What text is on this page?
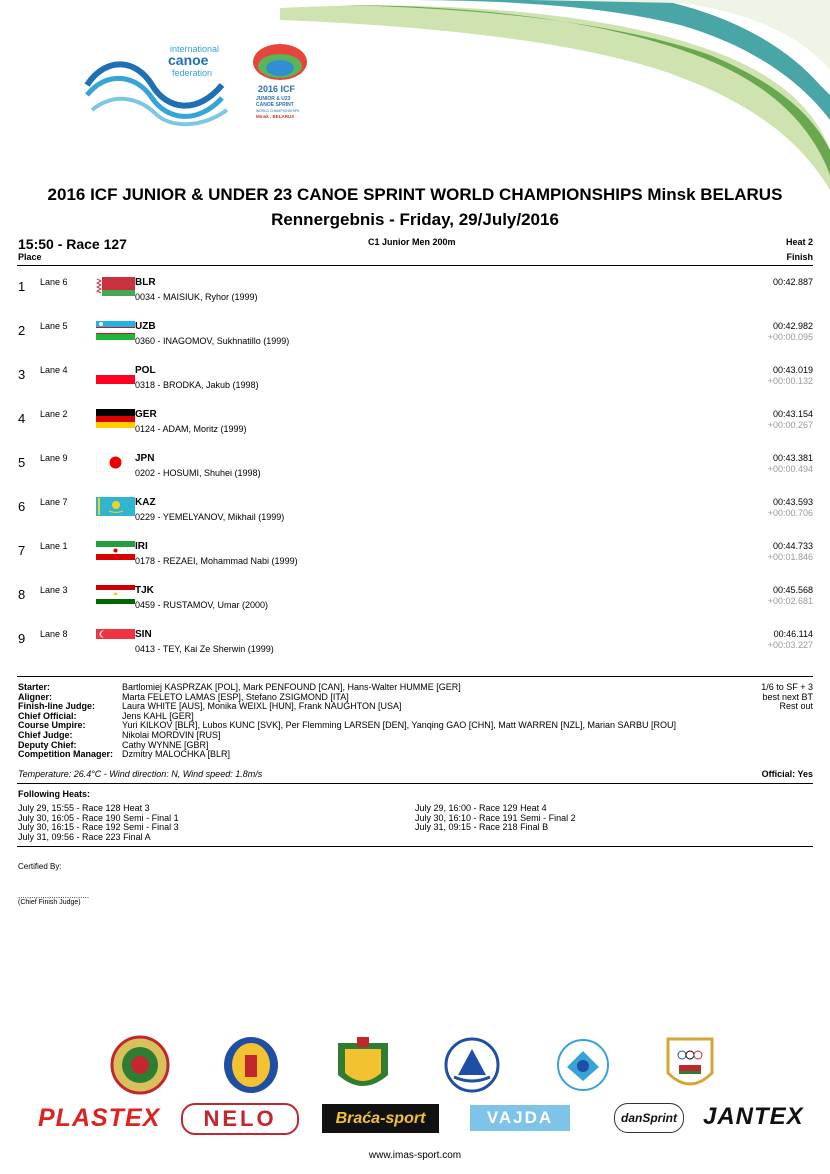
international
canoe
federation
2016 ICF
JUNIOR & U23
CANOE SPRINT
WORLD CHAMPIONSHIPS
Minsk , BELARUS
2016 ICF JUNIOR & UNDER 23 CANOE SPRINT WORLD CHAMPIONSHIPS Minsk BELARUS
Rennergebnis - Friday, 29/July/2016
15:50 - Race 127
Place
C1 Junior Men 200m	Heat 2
Finish
1 Lane 6	BLR
0034 - MAISIUK, Ryhor (1999)
00:42.887
2 Lane 5	UZB
0360 - INAGOMOV, Sukhnatillo (1999)
00:42.982
+00:00.095
3 Lane 4	POL
0318 - BRODKA, Jakub (1998)
00:43.019
+00:00.132
4 Lane 2	GER
0124 - ADAM, Moritz (1999)
00:43.154
+00:00.267
5 Lane 9	JPN
0202 - HOSUMI, Shuhei (1998)
00:43.381
+00:00.494
6 Lane 7	KAZ
0229 - YEMELYANOV, Mikhail (1999)
00:43.593
+00:00.706
7 Lane 1	IRI
0178 - REZAEI, Mohammad Nabi (1999)
00:44.733
+00:01.846
8 Lane 3	TJK
0459 - RUSTAMOV, Umar (2000)
00:45.568
+00:02.681
9 Lane 8	SIN
0413 - TEY, Kai Ze Sherwin (1999)
00:46.114
+00:03.227
Starter:	Bartlomiej KASPRZAK [POL], Mark PENFOUND [CAN], Hans-Walter HUMME [GER]
Aligner:	Marta FELETO LAMAS [ESP], Stefano ZSIGMOND [ITA]
Finish-line Judge:	Laura WHITE [AUS], Monika WEIXL [HUN], Frank NAUGHTON [USA]
Chief Official:	Jens KAHL [GER]
Course Umpire:	Yuri KILKOV [BLR], Lubos KUNC [SVK], Per Flemming LARSEN [DEN], Yanqing GAO [CHN], Matt WARREN [NZL], Marian SARBU [ROU]
Chief Judge:	Nikolai MORDVIN [RUS]
Deputy Chief:	Cathy WYNNE [GBR]
Competition Manager: Dzmitry MALOCHKA [BLR]
1/6 to SF + 3
best next BT
Rest out
Temperature: 26.4°C - Wind direction: N, Wind speed: 1.8m/s	Official: Yes
Following Heats:
July 29, 15:55 - Race 128 Heat 3
July 30, 16:05 - Race 190 Semi - Final 1
July 30, 16:15 - Race 192 Semi - Final 3
July 31, 09:56 - Race 223 Final A
July 29, 16:00 - Race 129 Heat 4
July 30, 16:10 - Race 191 Semi - Final 2
July 31, 09:15 - Race 218 Final B
Certified By:
................................
(Chief Finish Judge)
PLASTEX	NELO	Braća-sport	VAJDA	danSprint JANTEX
www.imas-sport.com
